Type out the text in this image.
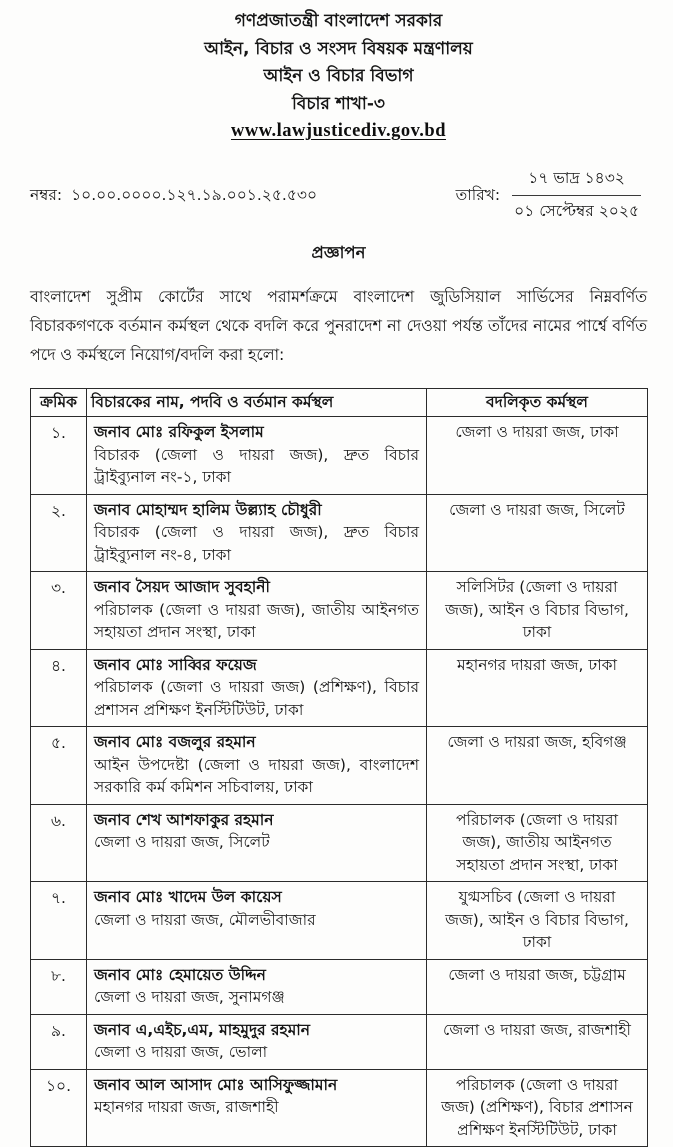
গণপ্রজাতন্ত্রী বাংলাদেশ সরকার
আইন, বিচার ও সংসদ বিষয়ক মন্ত্রণালয়
আইন ও বিচার বিভাগ
বিচার শাখা-৩
www.lawjusticediv.gov.bd
নম্বর: ১০.০০.০০০০.১২৭.১৯.০০১.২৫.৫৩০	তারিখ:
১৭ ভাদ্র ১৪৩২
০১ সেপ্টেম্বর ২০২৫
প্রজ্ঞাপন

বাংলাদেশ সুপ্রীম কোর্টের সাথে পরামর্শক্রমে বাংলাদেশ জুডিসিয়াল সার্ভিসের নিম্নবর্ণিত বিচারকগণকে বর্তমান কর্মস্থল থেকে বদলি করে পুনরাদেশ না দেওয়া পর্যন্ত তাঁদের নামের পার্শ্বে বর্ণিত পদে ও কর্মস্থলে নিয়োগ/বদলি করা হলো:

ক্রমিক	বিচারকের নাম, পদবি ও বর্তমান কর্মস্থল	বদলিকৃত কর্মস্থল
১.	জনাব মোঃ রফিকুল ইসলাম
বিচারক (জেলা ও দায়রা জজ), দ্রুত বিচার ট্রাইব্যুনাল নং-১, ঢাকা	জেলা ও দায়রা জজ, ঢাকা
২.	জনাব মোহাম্মদ হালিম উল্ল্যাহ চৌধুরী
বিচারক (জেলা ও দায়রা জজ), দ্রুত বিচার ট্রাইব্যুনাল নং-৪, ঢাকা	জেলা ও দায়রা জজ, সিলেট
৩.	জনাব সৈয়দ আজাদ সুবহানী
পরিচালক (জেলা ও দায়রা জজ), জাতীয় আইনগত সহায়তা প্রদান সংস্থা, ঢাকা	সলিসিটর (জেলা ও দায়রা জজ), আইন ও বিচার বিভাগ, ঢাকা
৪.	জনাব মোঃ সাব্বির ফয়েজ
পরিচালক (জেলা ও দায়রা জজ) (প্রশিক্ষণ), বিচার প্রশাসন প্রশিক্ষণ ইনস্টিটিউট, ঢাকা	মহানগর দায়রা জজ, ঢাকা
৫.	জনাব মোঃ বজলুর রহমান
আইন উপদেষ্টা (জেলা ও দায়রা জজ), বাংলাদেশ সরকারি কর্ম কমিশন সচিবালয়, ঢাকা	জেলা ও দায়রা জজ, হবিগঞ্জ
৬.	জনাব শেখ আশফাকুর রহমান
জেলা ও দায়রা জজ, সিলেট	পরিচালক (জেলা ও দায়রা জজ), জাতীয় আইনগত সহায়তা প্রদান সংস্থা, ঢাকা
৭.	জনাব মোঃ খাদেম উল কায়েস
জেলা ও দায়রা জজ, মৌলভীবাজার	যুগ্মসচিব (জেলা ও দায়রা জজ), আইন ও বিচার বিভাগ, ঢাকা
৮.	জনাব মোঃ হেমায়েত উদ্দিন
জেলা ও দায়রা জজ, সুনামগঞ্জ	জেলা ও দায়রা জজ, চট্টগ্রাম
৯.	জনাব এ,এইচ,এম, মাহমুদুর রহমান
জেলা ও দায়রা জজ, ভোলা	জেলা ও দায়রা জজ, রাজশাহী
১০.	জনাব আল আসাদ মোঃ আসিফুজ্জামান
মহানগর দায়রা জজ, রাজশাহী	পরিচালক (জেলা ও দায়রা জজ) (প্রশিক্ষণ), বিচার প্রশাসন প্রশিক্ষণ ইনস্টিটিউট, ঢাকা
